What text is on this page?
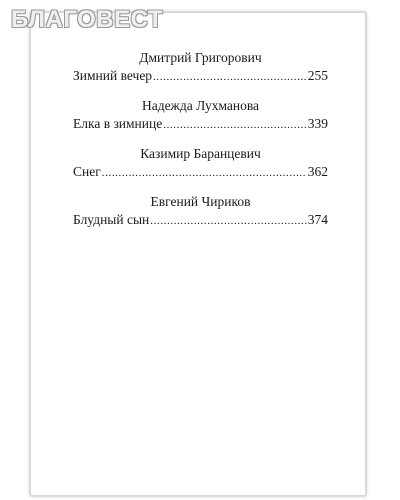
БЛАГОВЕСТ
Дмитрий Григорович
Зимний вечер .....	255
Надежда Лухманова
Елка в зимнице .....	339
Казимир Баранцевич
Снег .....	362
Евгений Чириков
Блудный сын .....	374
